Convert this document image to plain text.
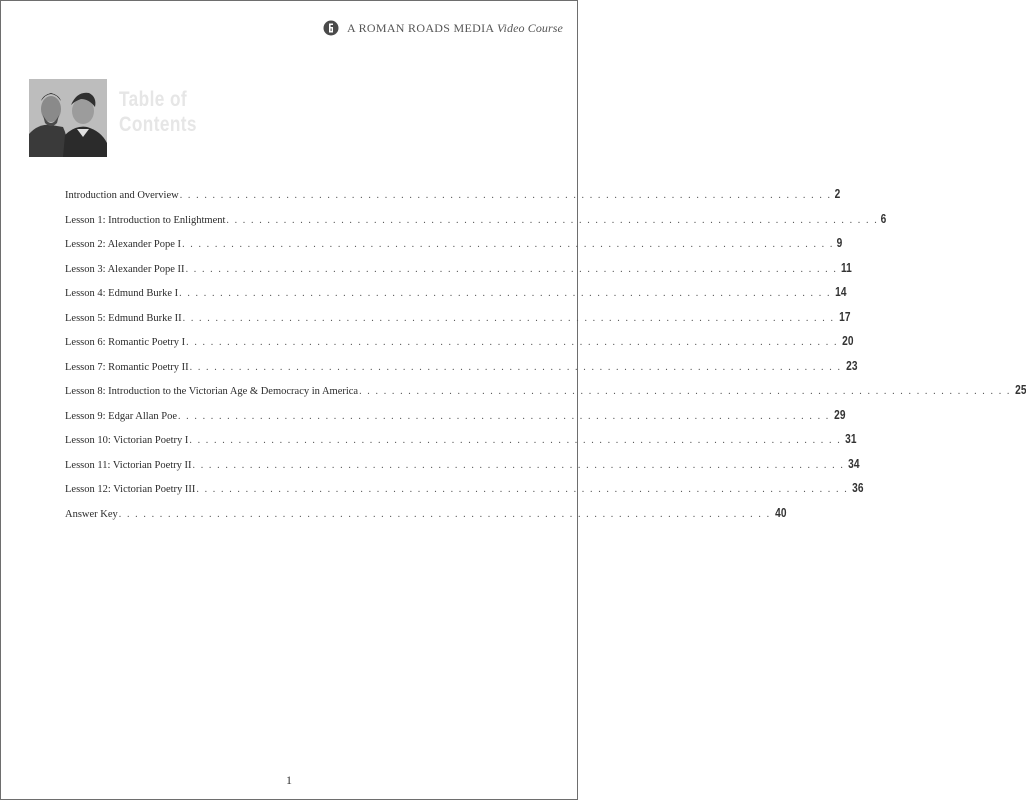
A ROMAN ROADS MEDIA Video Course
Table of
Contents
Introduction and Overview . . . . . . . . . . . . . . . . . . . . . . . . . . . . . . . . . . . . . . . . . . . . . . . . . . . . . . . . . . . . . . . . . . . . . . . . . . . . . . . . 2
Lesson 1: Introduction to Enlightment . . . . . . . . . . . . . . . . . . . . . . . . . . . . . . . . . . . . . . . . . . . . . . . . . . . . . . . . . . . . . . . . . . . . . . . . . . . . . . . . 6
Lesson 2: Alexander Pope I . . . . . . . . . . . . . . . . . . . . . . . . . . . . . . . . . . . . . . . . . . . . . . . . . . . . . . . . . . . . . . . . . . . . . . . . . . . . . . . . 9
Lesson 3: Alexander Pope II . . . . . . . . . . . . . . . . . . . . . . . . . . . . . . . . . . . . . . . . . . . . . . . . . . . . . . . . . . . . . . . . . . . . . . . . . . . . . . . . 11
Lesson 4: Edmund Burke I . . . . . . . . . . . . . . . . . . . . . . . . . . . . . . . . . . . . . . . . . . . . . . . . . . . . . . . . . . . . . . . . . . . . . . . . . . . . . . . . 14
Lesson 5: Edmund Burke II . . . . . . . . . . . . . . . . . . . . . . . . . . . . . . . . . . . . . . . . . . . . . . . . . . . . . . . . . . . . . . . . . . . . . . . . . . . . . . . . 17
Lesson 6: Romantic Poetry I . . . . . . . . . . . . . . . . . . . . . . . . . . . . . . . . . . . . . . . . . . . . . . . . . . . . . . . . . . . . . . . . . . . . . . . . . . . . . . . . 20
Lesson 7: Romantic Poetry II . . . . . . . . . . . . . . . . . . . . . . . . . . . . . . . . . . . . . . . . . . . . . . . . . . . . . . . . . . . . . . . . . . . . . . . . . . . . . . . . 23
Lesson 8: Introduction to the Victorian Age & Democracy in America . . . . . . . . . . . . . . . . . . . . . . . . . . . . . . . . . . . . . . . . . . . . . . . . . . . . . . . . . . . . . . . . . . . . . . . . . . . . . . . . 25
Lesson 9: Edgar Allan Poe . . . . . . . . . . . . . . . . . . . . . . . . . . . . . . . . . . . . . . . . . . . . . . . . . . . . . . . . . . . . . . . . . . . . . . . . . . . . . . . . 29
Lesson 10: Victorian Poetry I . . . . . . . . . . . . . . . . . . . . . . . . . . . . . . . . . . . . . . . . . . . . . . . . . . . . . . . . . . . . . . . . . . . . . . . . . . . . . . . . 31
Lesson 11: Victorian Poetry II . . . . . . . . . . . . . . . . . . . . . . . . . . . . . . . . . . . . . . . . . . . . . . . . . . . . . . . . . . . . . . . . . . . . . . . . . . . . . . . . 34
Lesson 12: Victorian Poetry III . . . . . . . . . . . . . . . . . . . . . . . . . . . . . . . . . . . . . . . . . . . . . . . . . . . . . . . . . . . . . . . . . . . . . . . . . . . . . . . . 36
Answer Key . . . . . . . . . . . . . . . . . . . . . . . . . . . . . . . . . . . . . . . . . . . . . . . . . . . . . . . . . . . . . . . . . . . . . . . . . . . . . . . . 40
1
